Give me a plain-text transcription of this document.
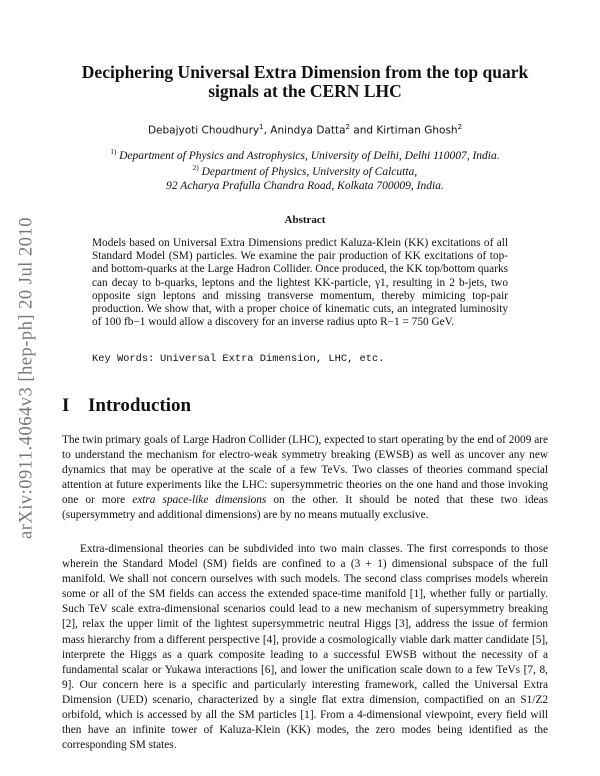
arXiv:0911.4064v3 [hep-ph] 20 Jul 2010
Deciphering Universal Extra Dimension from the top quark signals at the CERN LHC
Debajyoti Choudhury$^1$, Anindya Datta$^2$ and Kirtiman Ghosh$^2$
$^{1)}$ Department of Physics and Astrophysics, University of Delhi, Delhi 110007, India.
$^{2)}$ Department of Physics, University of Calcutta,
92 Acharya Prafulla Chandra Road, Kolkata 700009, India.
Abstract
Models based on Universal Extra Dimensions predict Kaluza-Klein (KK) excitations of all Standard Model (SM) particles. We examine the pair production of KK excitations of top- and bottom-quarks at the Large Hadron Collider. Once produced, the KK top/bottom quarks can decay to b-quarks, leptons and the lightest KK-particle, γ1, resulting in 2 b-jets, two opposite sign leptons and missing transverse momentum, thereby mimicing top-pair production. We show that, with a proper choice of kinematic cuts, an integrated luminosity of 100 fb−1 would allow a discovery for an inverse radius upto R−1 = 750 GeV.
Key Words: Universal Extra Dimension, LHC, etc.
I Introduction

The twin primary goals of Large Hadron Collider (LHC), expected to start operating by the end of 2009 are to understand the mechanism for electro-weak symmetry breaking (EWSB) as well as uncover any new dynamics that may be operative at the scale of a few TeVs. Two classes of theories command special attention at future experiments like the LHC: supersymmetric theories on the one hand and those invoking one or more extra space-like dimensions on the other. It should be noted that these two ideas (supersymmetry and additional dimensions) are by no means mutually exclusive.

Extra-dimensional theories can be subdivided into two main classes. The first corresponds to those wherein the Standard Model (SM) fields are confined to a (3 + 1) dimensional subspace of the full manifold. We shall not concern ourselves with such models. The second class comprises models wherein some or all of the SM fields can access the extended space-time manifold [1], whether fully or partially. Such TeV scale extra-dimensional scenarios could lead to a new mechanism of supersymmetry breaking [2], relax the upper limit of the lightest supersymmetric neutral Higgs [3], address the issue of fermion mass hierarchy from a different perspective [4], provide a cosmologically viable dark matter candidate [5], interprete the Higgs as a quark composite leading to a successful EWSB without the necessity of a fundamental scalar or Yukawa interactions [6], and lower the unification scale down to a few TeVs [7, 8, 9]. Our concern here is a specific and particularly interesting framework, called the Universal Extra Dimension (UED) scenario, characterized by a single flat extra dimension, compactified on an S1/Z2 orbifold, which is accessed by all the SM particles [1]. From a 4-dimensional viewpoint, every field will then have an infinite tower of Kaluza-Klein (KK) modes, the zero modes being identified as the corresponding SM states.
